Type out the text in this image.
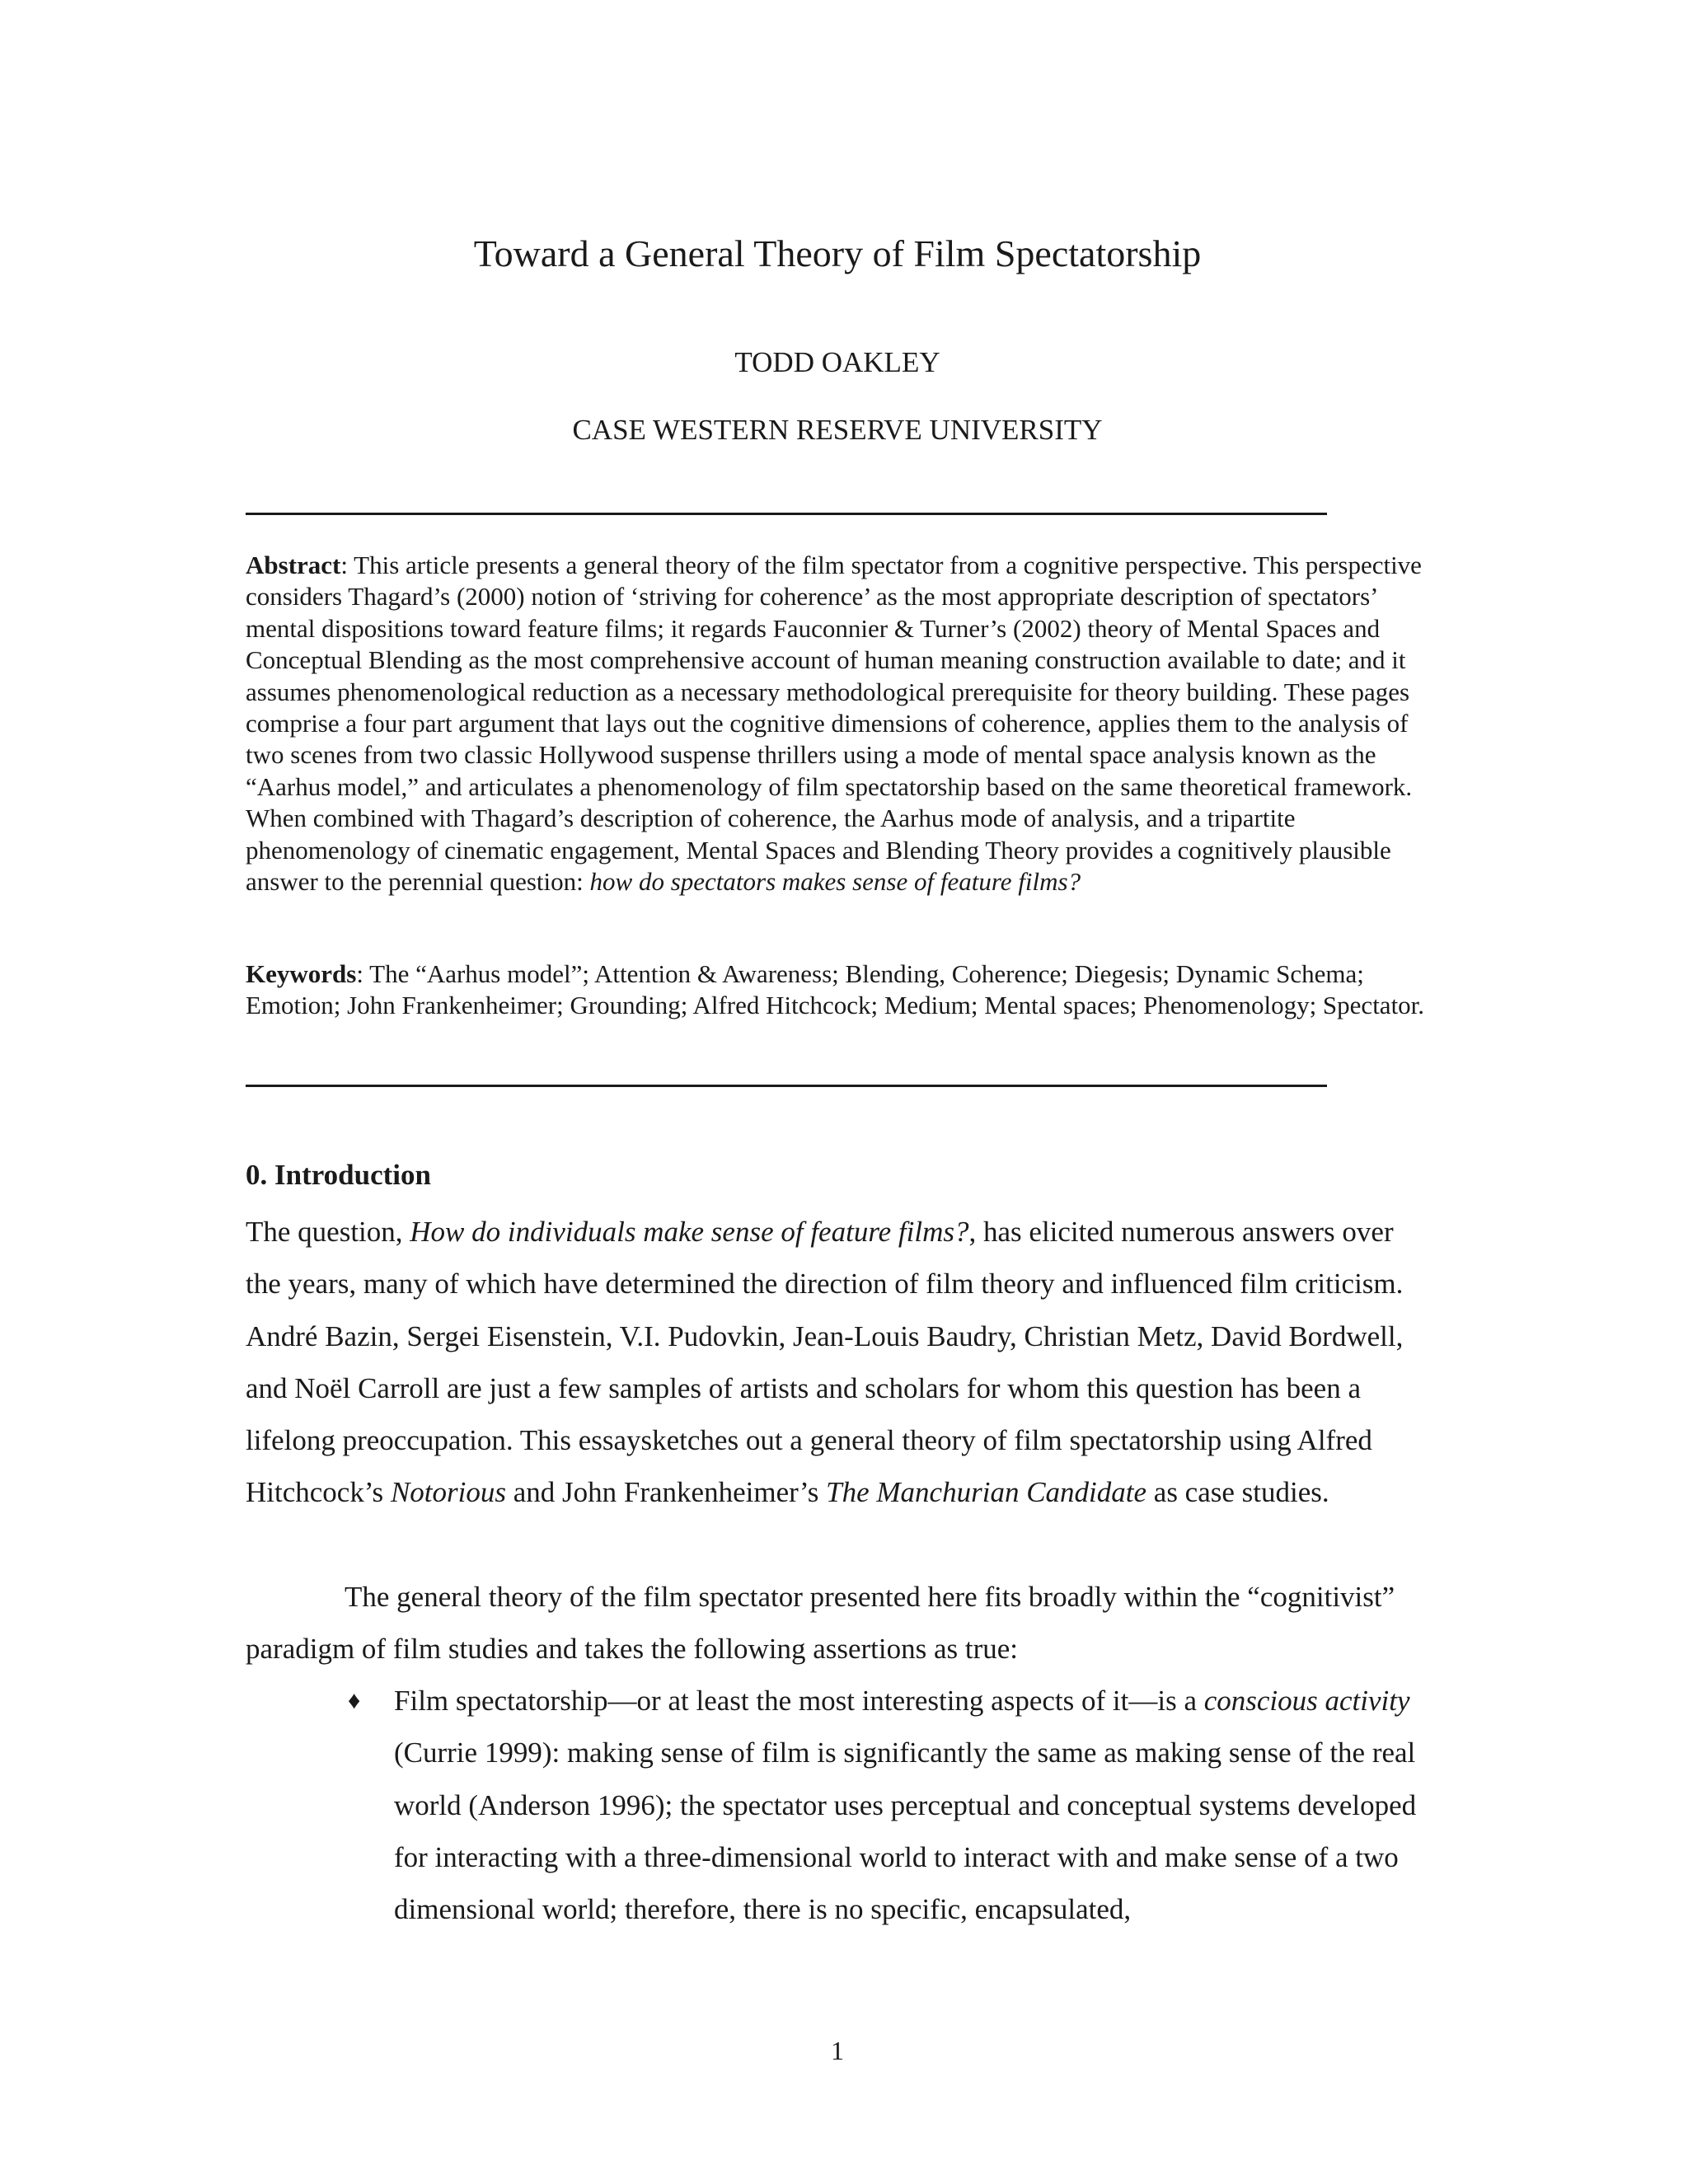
Toward a General Theory of Film Spectatorship
TODD OAKLEY
CASE WESTERN RESERVE UNIVERSITY
Abstract: This article presents a general theory of the film spectator from a cognitive perspective. This perspective considers Thagard’s (2000) notion of ‘striving for coherence’ as the most appropriate description of spectators’ mental dispositions toward feature films; it regards Fauconnier & Turner’s (2002) theory of Mental Spaces and Conceptual Blending as the most comprehensive account of human meaning construction available to date; and it assumes phenomenological reduction as a necessary methodological prerequisite for theory building. These pages comprise a four part argument that lays out the cognitive dimensions of coherence, applies them to the analysis of two scenes from two classic Hollywood suspense thrillers using a mode of mental space analysis known as the “Aarhus model,” and articulates a phenomenology of film spectatorship based on the same theoretical framework. When combined with Thagard’s description of coherence, the Aarhus mode of analysis, and a tripartite phenomenology of cinematic engagement, Mental Spaces and Blending Theory provides a cognitively plausible answer to the perennial question: how do spectators makes sense of feature films?
Keywords: The “Aarhus model”; Attention & Awareness; Blending, Coherence; Diegesis; Dynamic Schema; Emotion; John Frankenheimer; Grounding; Alfred Hitchcock; Medium; Mental spaces; Phenomenology; Spectator.
0. Introduction
The question, How do individuals make sense of feature films?, has elicited numerous answers over the years, many of which have determined the direction of film theory and influenced film criticism. André Bazin, Sergei Eisenstein, V.I. Pudovkin, Jean-Louis Baudry, Christian Metz, David Bordwell, and Noël Carroll are just a few samples of artists and scholars for whom this question has been a lifelong preoccupation. This essaysketches out a general theory of film spectatorship using Alfred Hitchcock’s Notorious and John Frankenheimer’s The Manchurian Candidate as case studies.
The general theory of the film spectator presented here fits broadly within the “cognitivist” paradigm of film studies and takes the following assertions as true:
♦ Film spectatorship—or at least the most interesting aspects of it—is a conscious activity (Currie 1999): making sense of film is significantly the same as making sense of the real world (Anderson 1996); the spectator uses perceptual and conceptual systems developed for interacting with a three-dimensional world to interact with and make sense of a two dimensional world; therefore, there is no specific, encapsulated,
1
